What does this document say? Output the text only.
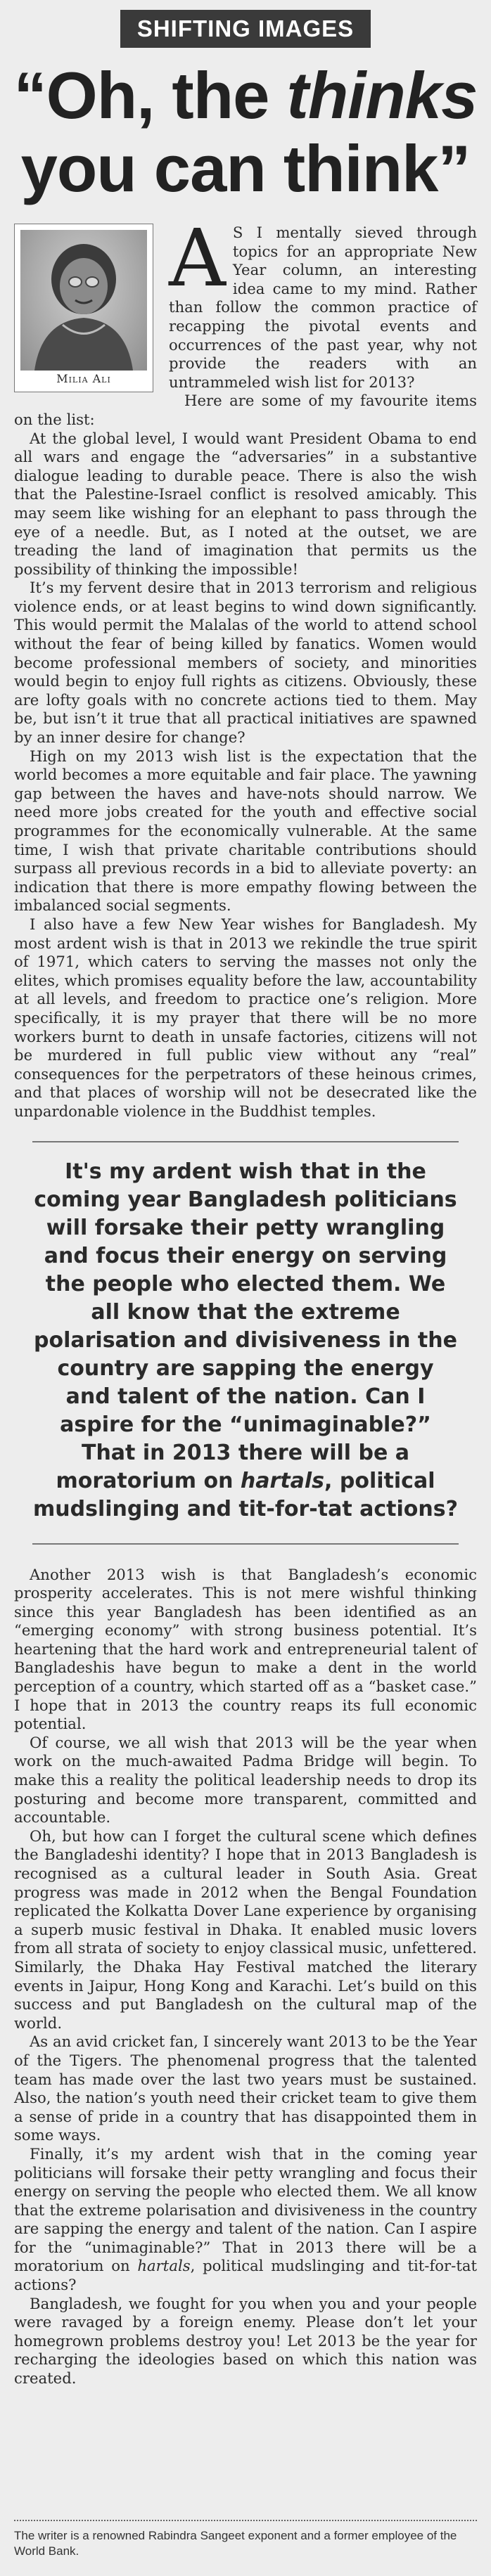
SHIFTING IMAGES
“Oh, the thinks you can think”
Milia Ali
A S I mentally sieved through topics for an appropriate New Year column, an interesting idea came to my mind. Rather than follow the common practice of recapping the pivotal events and occurrences of the past year, why not provide the readers with an untrammeled wish list for 2013?

Here are some of my favourite items on the list:

At the global level, I would want President Obama to end all wars and engage the “adversaries” in a substantive dialogue leading to durable peace. There is also the wish that the Palestine-Israel conflict is resolved amicably. This may seem like wishing for an elephant to pass through the eye of a needle. But, as I noted at the outset, we are treading the land of imagination that permits us the possibility of thinking the impossible!

It’s my fervent desire that in 2013 terrorism and religious violence ends, or at least begins to wind down significantly. This would permit the Malalas of the world to attend school without the fear of being killed by fanatics. Women would become professional members of society, and minorities would begin to enjoy full rights as citizens. Obviously, these are lofty goals with no concrete actions tied to them. May be, but isn’t it true that all practical initiatives are spawned by an inner desire for change?

High on my 2013 wish list is the expectation that the world becomes a more equitable and fair place. The yawning gap between the haves and have-nots should narrow. We need more jobs created for the youth and effective social programmes for the economically vulnerable. At the same time, I wish that private charitable contributions should surpass all previous records in a bid to alleviate poverty: an indication that there is more empathy flowing between the imbalanced social segments.

I also have a few New Year wishes for Bangladesh. My most ardent wish is that in 2013 we rekindle the true spirit of 1971, which caters to serving the masses not only the elites, which promises equality before the law, accountability at all levels, and freedom to practice one’s religion. More specifically, it is my prayer that there will be no more workers burnt to death in unsafe factories, citizens will not be murdered in full public view without any “real” consequences for the perpetrators of these heinous crimes, and that places of worship will not be desecrated like the unpardonable violence in the Buddhist temples.

It's my ardent wish that in the coming year Bangladesh politicians will forsake their petty wrangling and focus their energy on serving the people who elected them. We all know that the extreme polarisation and divisiveness in the country are sapping the energy and talent of the nation. Can I aspire for the “unimaginable?” That in 2013 there will be a moratorium on hartals, political mudslinging and tit-for-tat actions?

Another 2013 wish is that Bangladesh’s economic prosperity accelerates. This is not mere wishful thinking since this year Bangladesh has been identified as an “emerging economy” with strong business potential. It’s heartening that the hard work and entrepreneurial talent of Bangladeshis have begun to make a dent in the world perception of a country, which started off as a “basket case.” I hope that in 2013 the country reaps its full economic potential.

Of course, we all wish that 2013 will be the year when work on the much-awaited Padma Bridge will begin. To make this a reality the political leadership needs to drop its posturing and become more transparent, committed and accountable.

Oh, but how can I forget the cultural scene which defines the Bangladeshi identity? I hope that in 2013 Bangladesh is recognised as a cultural leader in South Asia. Great progress was made in 2012 when the Bengal Foundation replicated the Kolkatta Dover Lane experience by organising a superb music festival in Dhaka. It enabled music lovers from all strata of society to enjoy classical music, unfettered. Similarly, the Dhaka Hay Festival matched the literary events in Jaipur, Hong Kong and Karachi. Let’s build on this success and put Bangladesh on the cultural map of the world.

As an avid cricket fan, I sincerely want 2013 to be the Year of the Tigers. The phenomenal progress that the talented team has made over the last two years must be sustained. Also, the nation’s youth need their cricket team to give them a sense of pride in a country that has disappointed them in some ways.

Finally, it’s my ardent wish that in the coming year politicians will forsake their petty wrangling and focus their energy on serving the people who elected them. We all know that the extreme polarisation and divisiveness in the country are sapping the energy and talent of the nation. Can I aspire for the “unimaginable?” That in 2013 there will be a moratorium on hartals, political mudslinging and tit-for-tat actions?

Bangladesh, we fought for you when you and your people were ravaged by a foreign enemy. Please don’t let your homegrown problems destroy you! Let 2013 be the year for recharging the ideologies based on which this nation was created.

The writer is a renowned Rabindra Sangeet exponent and a former employee of the World Bank.
